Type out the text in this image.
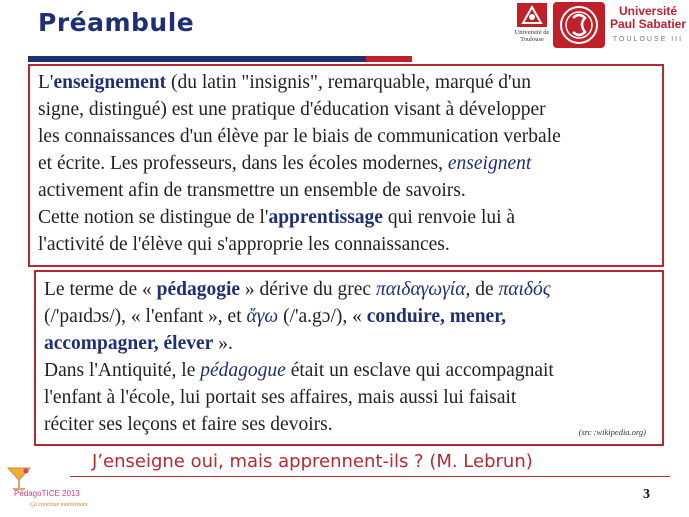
Préambule	Université de Toulouse
Université Paul Sabatier
TOULOUSE III

L'enseignement (du latin "insignis", remarquable, marqué d'un

signe, distingué) est une pratique d'éducation visant à développer

les connaissances d'un élève par le biais de communication verbale

et écrite. Les professeurs, dans les écoles modernes, enseignent

activement afin de transmettre un ensemble de savoirs.

Cette notion se distingue de l'apprentissage qui renvoie lui à

l'activité de l'élève qui s'approprie les connaissances.

Le terme de « pédagogie » dérive du grec παιδαγωγία, de παιδός

(/'paɪdɔs/), « l'enfant », et ἄγω (/'a.gɔ/), « conduire, mener,

accompagner, élever ».

Dans l'Antiquité, le pédagogue était un esclave qui accompagnait

l'enfant à l'école, lui portait ses affaires, mais aussi lui faisait

réciter ses leçons et faire ses devoirs.	(src :wikipedia.org)
J’enseigne oui, mais apprennent-ils ? (M. Lebrun)
3
PédagoTICE 2013
Ça continue maintenant
